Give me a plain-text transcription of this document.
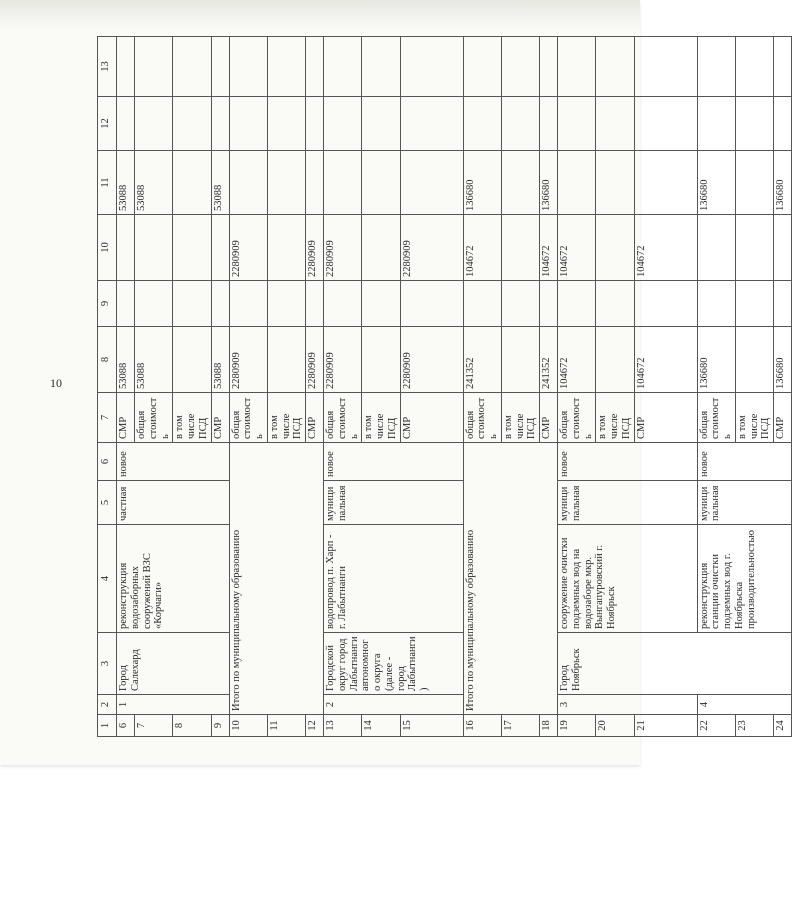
10
1	2	3	4	5	6	7	8	9	10	11	12	13
6	1	Город Салехард	реконструкция водозаборных сооружений ВЗС «Корчаги»	частная	новое	СМР	53088			53088		
7						общая стоимость	53088			53088		
8						в том числе ПСД						
9						СМР	53088			53088		
10	Итого по муниципальному образованию					общая стоимость	2280909		2280909			
11						в том числе ПСД						
12						СМР	2280909		2280909			
13	2	Городской округ город Лабытнанги автономного округа (далее - город Лабытнанги)	водопровод п. Харп - г. Лабытнанги	муниципальная	новое	общая стоимость	2280909		2280909			
14						в том числе ПСД						
15						СМР	2280909		2280909			
16	Итого по муниципальному образованию					общая стоимость	241352		104672	136680		
17						в том числе ПСД						
18						СМР	241352		104672	136680		
19	3	Город Ноябрьск	сооружение очистки подземных вод на водозаборе мкр. Вынгапуровский г. Ноябрьск	муниципальная	новое	общая стоимость	104672		104672			
20						в том числе ПСД						
21						СМР	104672		104672			
22	4		реконструкция станции очистки подземных вод г. Ноябрьска производительностью	муниципальная	новое	общая стоимость	136680			136680		
23						в том числе ПСД						
24						СМР	136680			136680		
